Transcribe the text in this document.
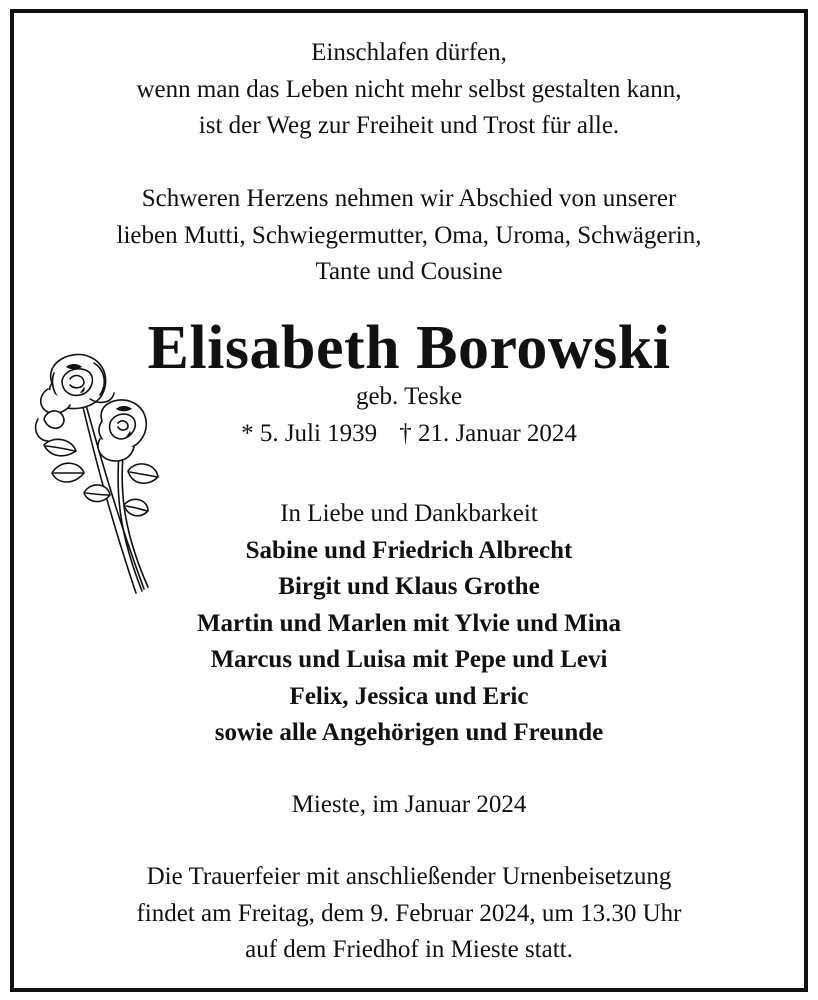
Einschlafen dürfen,
wenn man das Leben nicht mehr selbst gestalten kann,
ist der Weg zur Freiheit und Trost für alle.
Schweren Herzens nehmen wir Abschied von unserer
lieben Mutti, Schwiegermutter, Oma, Uroma, Schwägerin,
Tante und Cousine
Elisabeth Borowski
geb. Teske
* 5. Juli 1939 † 21. Januar 2024
In Liebe und Dankbarkeit
Sabine und Friedrich Albrecht
Birgit und Klaus Grothe
Martin und Marlen mit Ylvie und Mina
Marcus und Luisa mit Pepe und Levi
Felix, Jessica und Eric
sowie alle Angehörigen und Freunde
Mieste, im Januar 2024
Die Trauerfeier mit anschließender Urnenbeisetzung
findet am Freitag, dem 9. Februar 2024, um 13.30 Uhr
auf dem Friedhof in Mieste statt.
